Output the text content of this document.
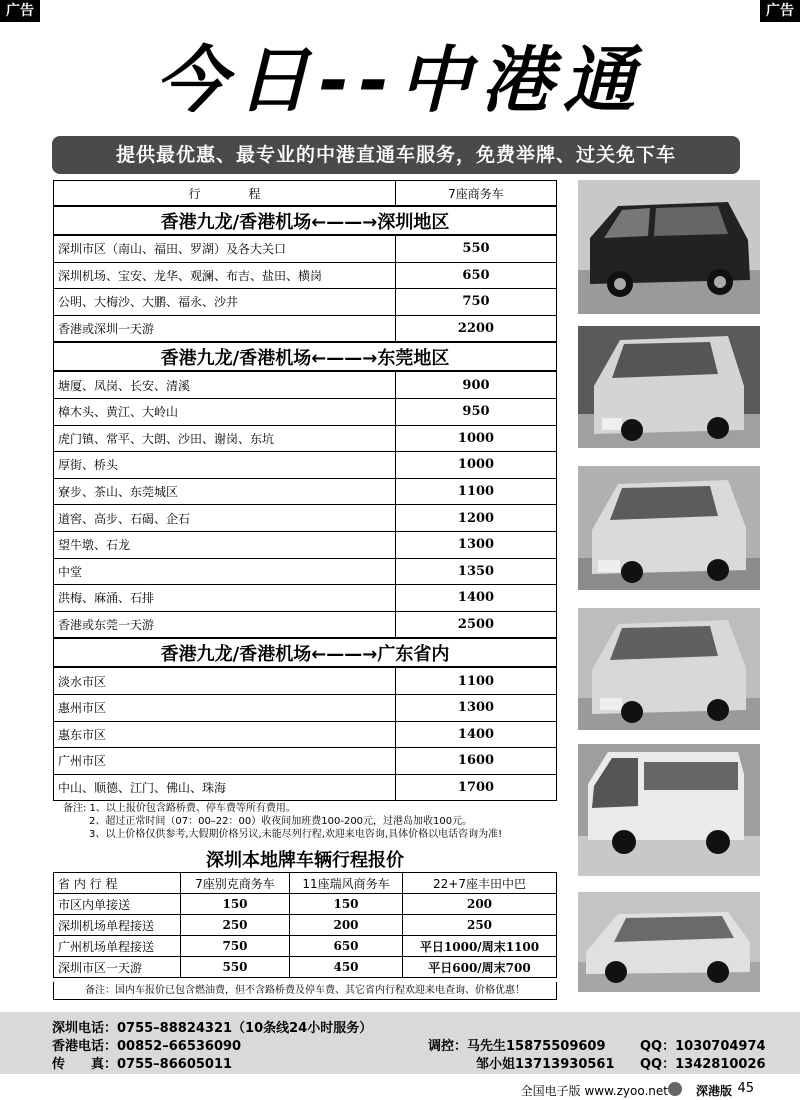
广告	广告
今日--中港通
提供最优惠、最专业的中港直通车服务，免费举牌、过关免下车
行　　　　程	7座商务车
香港九龙/香港机场←——→深圳地区	
深圳市区（南山、福田、罗湖）及各大关口	550
深圳机场、宝安、龙华、观澜、布吉、盐田、横岗	650
公明、大梅沙、大鹏、福永、沙井	750
香港或深圳一天游	2200
香港九龙/香港机场←——→东莞地区	
塘厦、凤岗、长安、清溪	900
樟木头、黄江、大岭山	950
虎门镇、常平、大朗、沙田、谢岗、东坑	1000
厚街、桥头	1000
寮步、茶山、东莞城区	1100
道窖、高步、石碣、企石	1200
望牛墩、石龙	1300
中堂	1350
洪梅、麻涌、石排	1400
香港或东莞一天游	2500
香港九龙/香港机场←——→广东省内	
淡水市区	1100
惠州市区	1300
惠东市区	1400
广州市区	1600
中山、顺德、江门、佛山、珠海	1700
备注: 1、以上报价包含路桥费、停车费等所有费用。
2、超过正常时间（07：00–22：00）收夜间加班费100-200元，过港岛加收100元。
3、以上价格仅供参考,大假期价格另议,未能尽列行程,欢迎来电咨询,具体价格以电话咨询为准!
深圳本地牌车辆行程报价
省 内 行 程	7座别克商务车	11座瑞风商务车	22+7座丰田中巴
市区内单接送	150	150	200
深圳机场单程接送	250	200	250
广州机场单程接送	750	650	平日1000/周末1100
深圳市区一天游	550	450	平日600/周末700
备注：国内车报价已包含燃油费，但不含路桥费及停车费、其它省内行程欢迎来电查询、价格优惠！
深圳电话：0755–88824321（10条线24小时服务）
香港电话：00852–66536090
传　　真：0755–86605011
调控：马先生15875509609
邹小姐13713930561
QQ：1030704974
QQ：1342810026
全国电子版 www.zyoo.net 深港版 45
